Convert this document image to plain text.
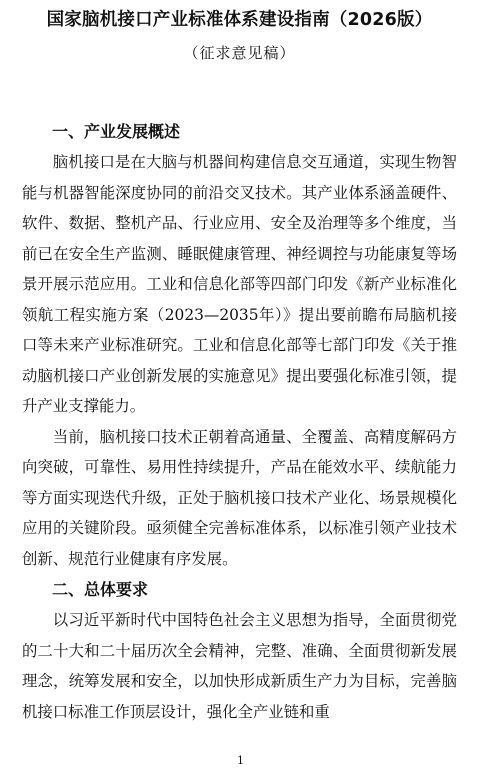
国家脑机接口产业标准体系建设指南（2026版）
（征求意见稿）
一、产业发展概述

脑机接口是在大脑与机器间构建信息交互通道，实现生物智能与机器智能深度协同的前沿交叉技术。其产业体系涵盖硬件、软件、数据、整机产品、行业应用、安全及治理等多个维度，当前已在安全生产监测、睡眠健康管理、神经调控与功能康复等场景开展示范应用。工业和信息化部等四部门印发《新产业标准化领航工程实施方案（2023—2035年）》提出要前瞻布局脑机接口等未来产业标准研究。工业和信息化部等七部门印发《关于推动脑机接口产业创新发展的实施意见》提出要强化标准引领，提升产业支撑能力。

当前，脑机接口技术正朝着高通量、全覆盖、高精度解码方向突破，可靠性、易用性持续提升，产品在能效水平、续航能力等方面实现迭代升级，正处于脑机接口技术产业化、场景规模化应用的关键阶段。亟须健全完善标准体系，以标准引领产业技术创新、规范行业健康有序发展。

二、总体要求

以习近平新时代中国特色社会主义思想为指导，全面贯彻党的二十大和二十届历次全会精神，完整、准确、全面贯彻新发展理念，统筹发展和安全，以加快形成新质生产力为目标，完善脑机接口标准工作顶层设计，强化全产业链和重

1
